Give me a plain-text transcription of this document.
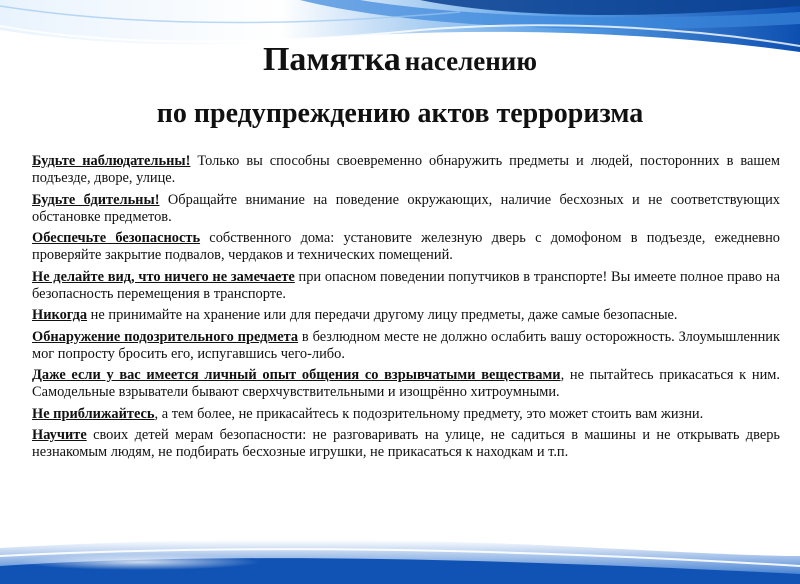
Памятка населению
по предупреждению актов терроризма

Будьте наблюдательны! Только вы способны своевременно обнаружить предметы и людей, посторонних в вашем подъезде, дворе, улице.

Будьте бдительны! Обращайте внимание на поведение окружающих, наличие бесхозных и не соответствующих обстановке предметов.

Обеспечьте безопасность собственного дома: установите железную дверь с домофоном в подъезде, ежедневно проверяйте закрытие подвалов, чердаков и технических помещений.

Не делайте вид, что ничего не замечаете при опасном поведении попутчиков в транспорте! Вы имеете полное право на безопасность перемещения в транспорте.

Никогда не принимайте на хранение или для передачи другому лицу предметы, даже самые безопасные.

Обнаружение подозрительного предмета в безлюдном месте не должно ослабить вашу осторожность. Злоумышленник мог попросту бросить его, испугавшись чего-либо.

Даже если у вас имеется личный опыт общения со взрывчатыми веществами, не пытайтесь прикасаться к ним. Самодельные взрыватели бывают сверхчувствительными и изощрённо хитроумными.

Не приближайтесь, а тем более, не прикасайтесь к подозрительному предмету, это может стоить вам жизни.

Научите своих детей мерам безопасности: не разговаривать на улице, не садиться в машины и не открывать дверь незнакомым людям, не подбирать бесхозные игрушки, не прикасаться к находкам и т.п.
